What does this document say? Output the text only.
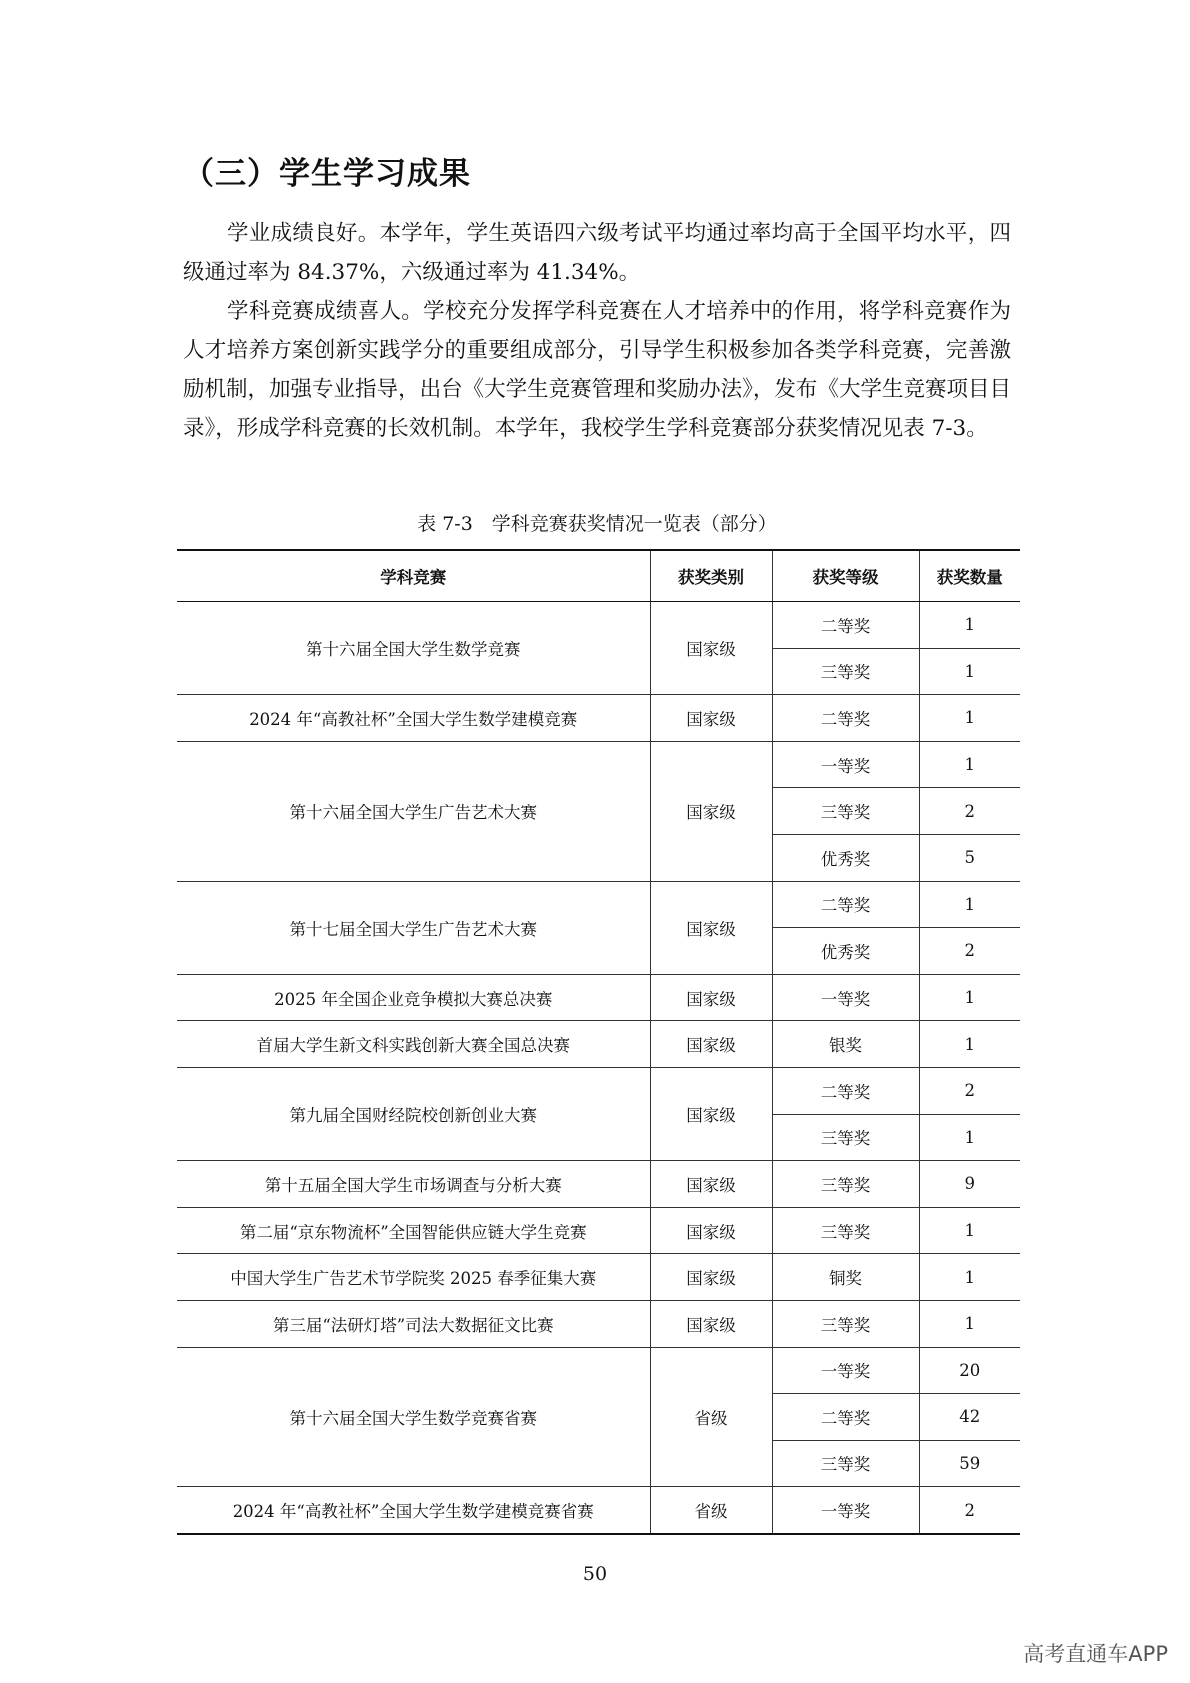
（三）学生学习成果

学业成绩良好。本学年，学生英语四六级考试平均通过率均高于全国平均水平，四级通过率为 84.37%，六级通过率为 41.34%。

学科竞赛成绩喜人。学校充分发挥学科竞赛在人才培养中的作用，将学科竞赛作为人才培养方案创新实践学分的重要组成部分，引导学生积极参加各类学科竞赛，完善激励机制，加强专业指导，出台《大学生竞赛管理和奖励办法》，发布《大学生竞赛项目目录》，形成学科竞赛的长效机制。本学年，我校学生学科竞赛部分获奖情况见表 7-3。

表 7-3　学科竞赛获奖情况一览表（部分）
学科竞赛	获奖类别	获奖等级	获奖数量
第十六届全国大学生数学竞赛	国家级	二等奖	1
		三等奖	1
2024 年“高教社杯”全国大学生数学建模竞赛	国家级	二等奖	1
第十六届全国大学生广告艺术大赛	国家级	一等奖	1
		三等奖	2
		优秀奖	5
第十七届全国大学生广告艺术大赛	国家级	二等奖	1
		优秀奖	2
2025 年全国企业竞争模拟大赛总决赛	国家级	一等奖	1
首届大学生新文科实践创新大赛全国总决赛	国家级	银奖	1
第九届全国财经院校创新创业大赛	国家级	二等奖	2
		三等奖	1
第十五届全国大学生市场调查与分析大赛	国家级	三等奖	9
第二届“京东物流杯”全国智能供应链大学生竞赛	国家级	三等奖	1
中国大学生广告艺术节学院奖 2025 春季征集大赛	国家级	铜奖	1
第三届“法研灯塔”司法大数据征文比赛	国家级	三等奖	1
第十六届全国大学生数学竞赛省赛	省级	一等奖	20
		二等奖	42
		三等奖	59
2024 年“高教社杯”全国大学生数学建模竞赛省赛	省级	一等奖	2
50
高考直通车APP
